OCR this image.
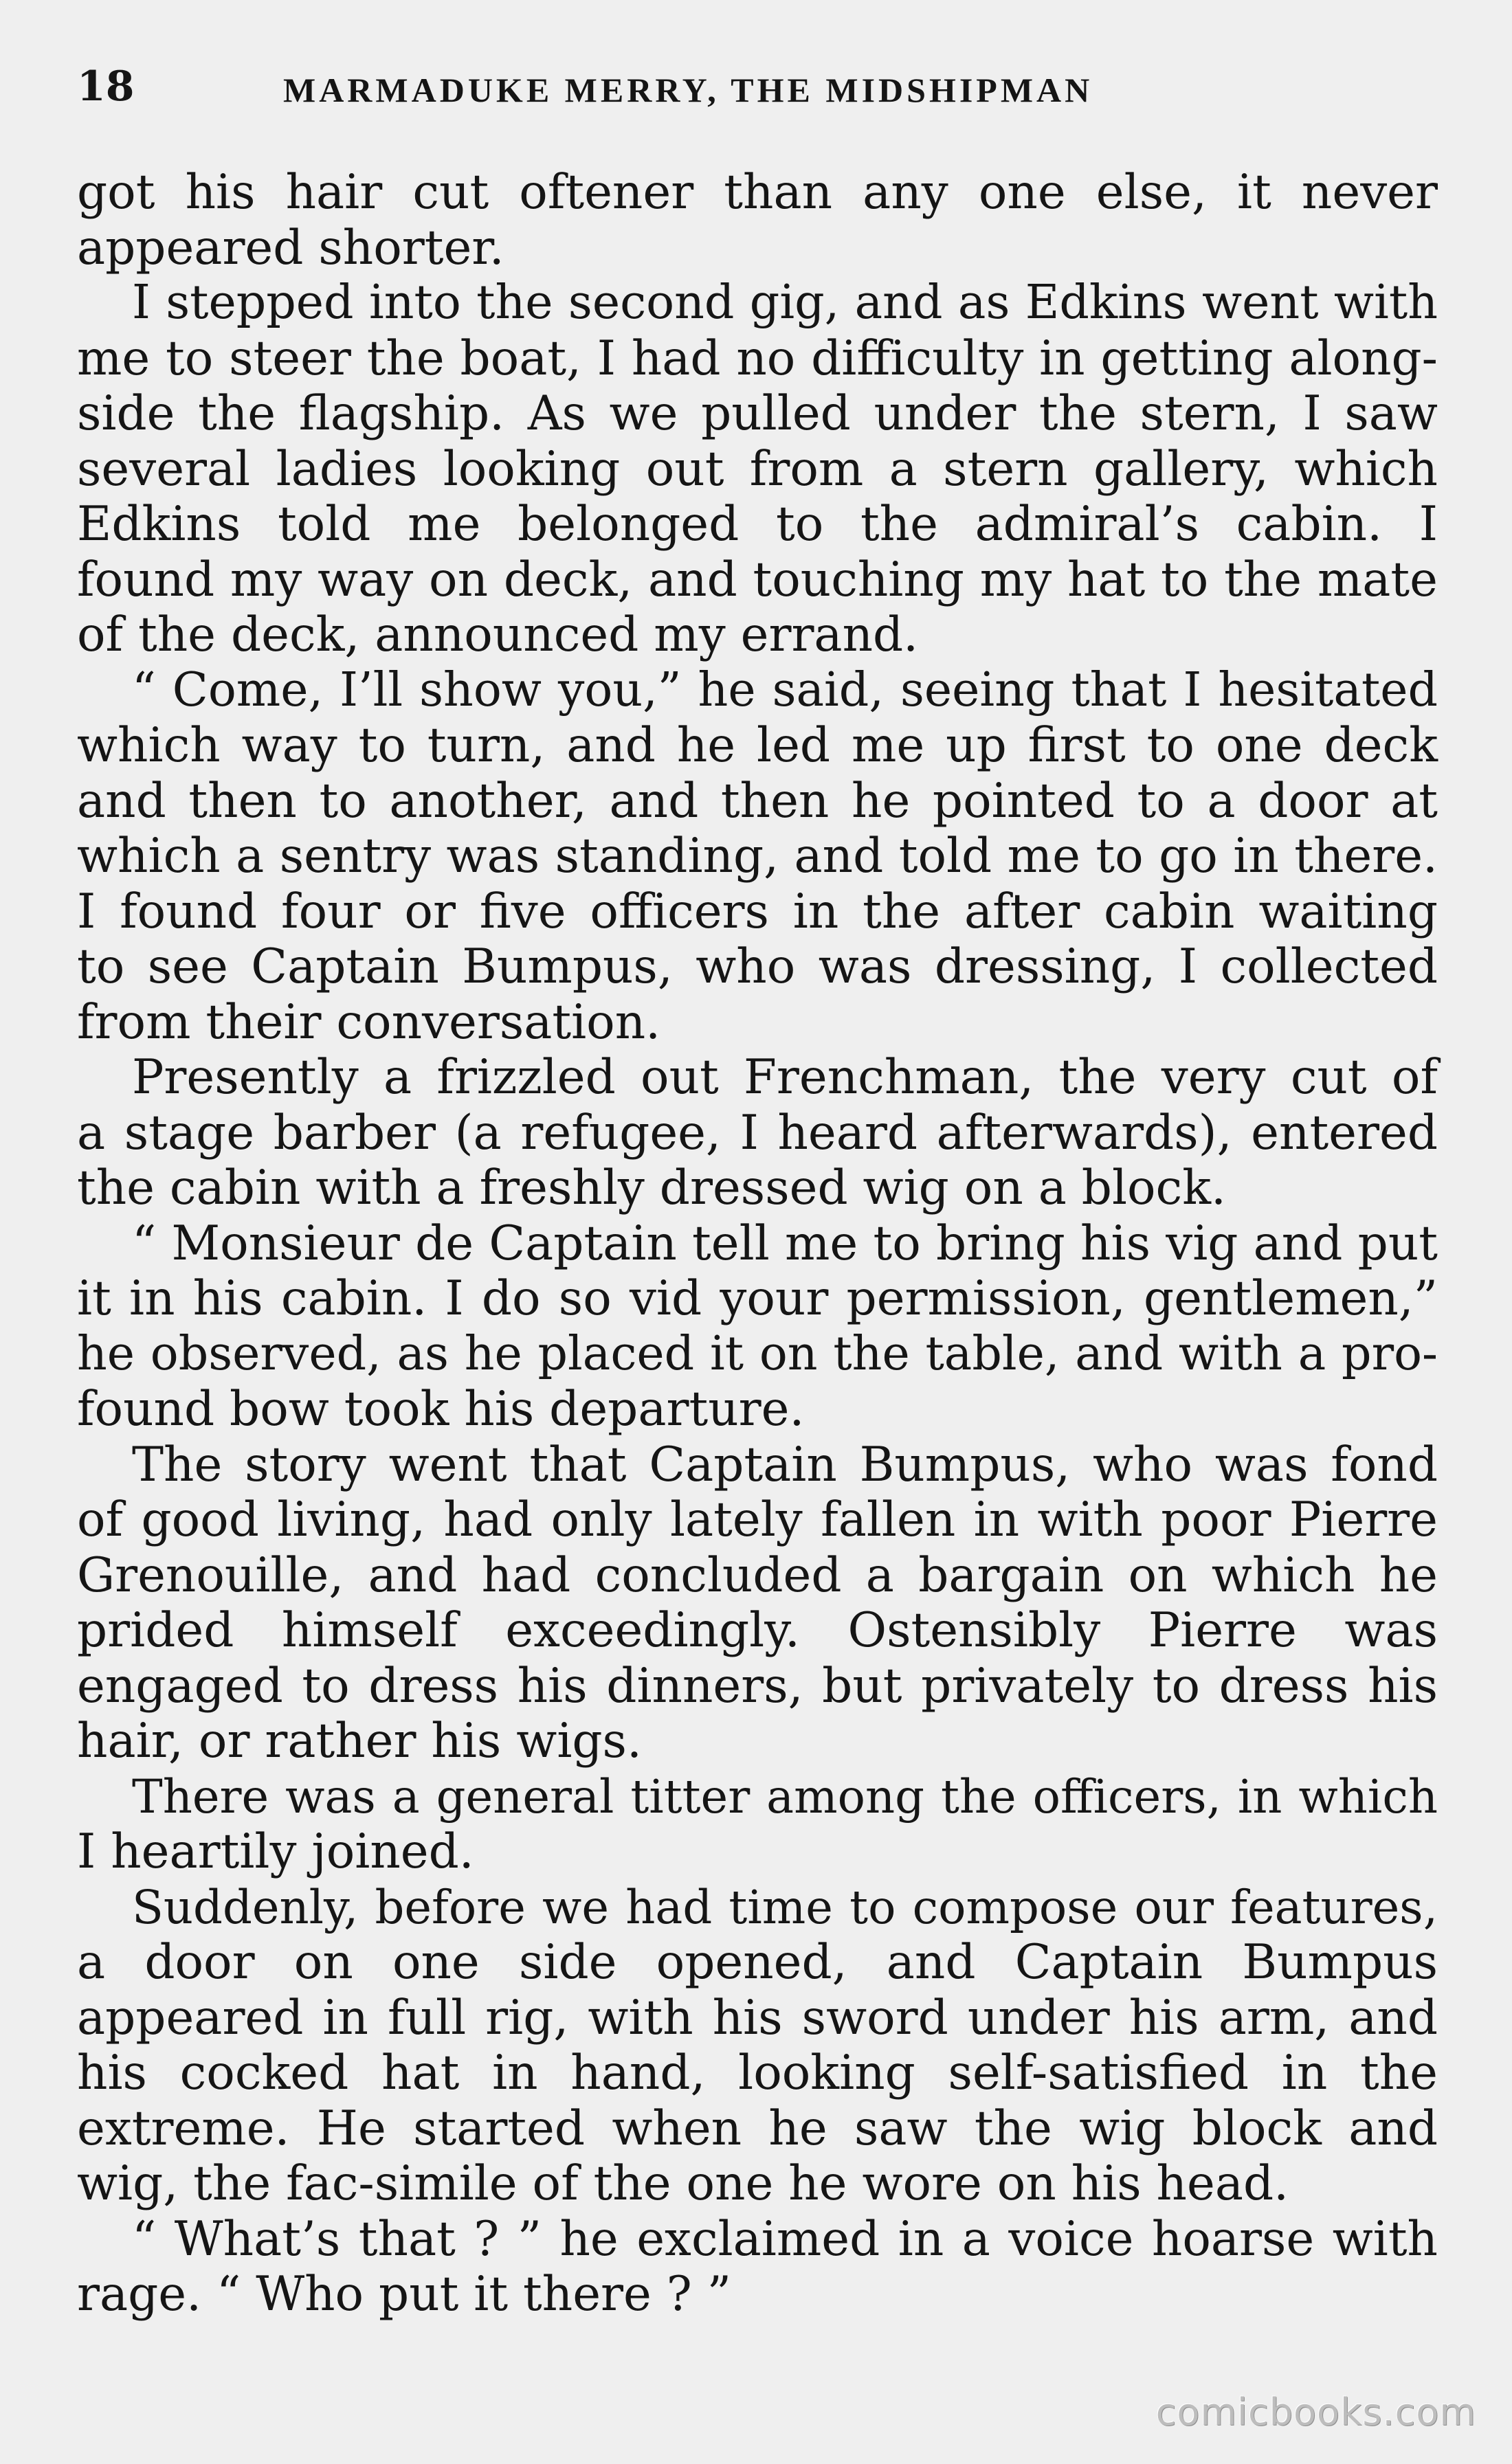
18	MARMADUKE MERRY, THE MIDSHIPMAN
got his hair cut oftener than any one else, it never
appeared shorter.
I stepped into the second gig, and as Edkins went with
me to steer the boat, I had no difficulty in getting along-
side the flagship. As we pulled under the stern, I saw
several ladies looking out from a stern gallery, which
Edkins told me belonged to the admiral’s cabin. I
found my way on deck, and touching my hat to the mate
of the deck, announced my errand.
“ Come, I’ll show you,” he said, seeing that I hesitated
which way to turn, and he led me up first to one deck
and then to another, and then he pointed to a door at
which a sentry was standing, and told me to go in there.
I found four or five officers in the after cabin waiting
to see Captain Bumpus, who was dressing, I collected
from their conversation.
Presently a frizzled out Frenchman, the very cut of
a stage barber (a refugee, I heard afterwards), entered
the cabin with a freshly dressed wig on a block.
“ Monsieur de Captain tell me to bring his vig and put
it in his cabin. I do so vid your permission, gentlemen,”
he observed, as he placed it on the table, and with a pro-
found bow took his departure.
The story went that Captain Bumpus, who was fond
of good living, had only lately fallen in with poor Pierre
Grenouille, and had concluded a bargain on which he
prided himself exceedingly. Ostensibly Pierre was
engaged to dress his dinners, but privately to dress his
hair, or rather his wigs.
There was a general titter among the officers, in which
I heartily joined.
Suddenly, before we had time to compose our features,
a door on one side opened, and Captain Bumpus
appeared in full rig, with his sword under his arm, and
his cocked hat in hand, looking self-satisfied in the
extreme. He started when he saw the wig block and
wig, the fac-simile of the one he wore on his head.
“ What’s that ? ” he exclaimed in a voice hoarse with
rage. “ Who put it there ? ”
comicbooks.com
